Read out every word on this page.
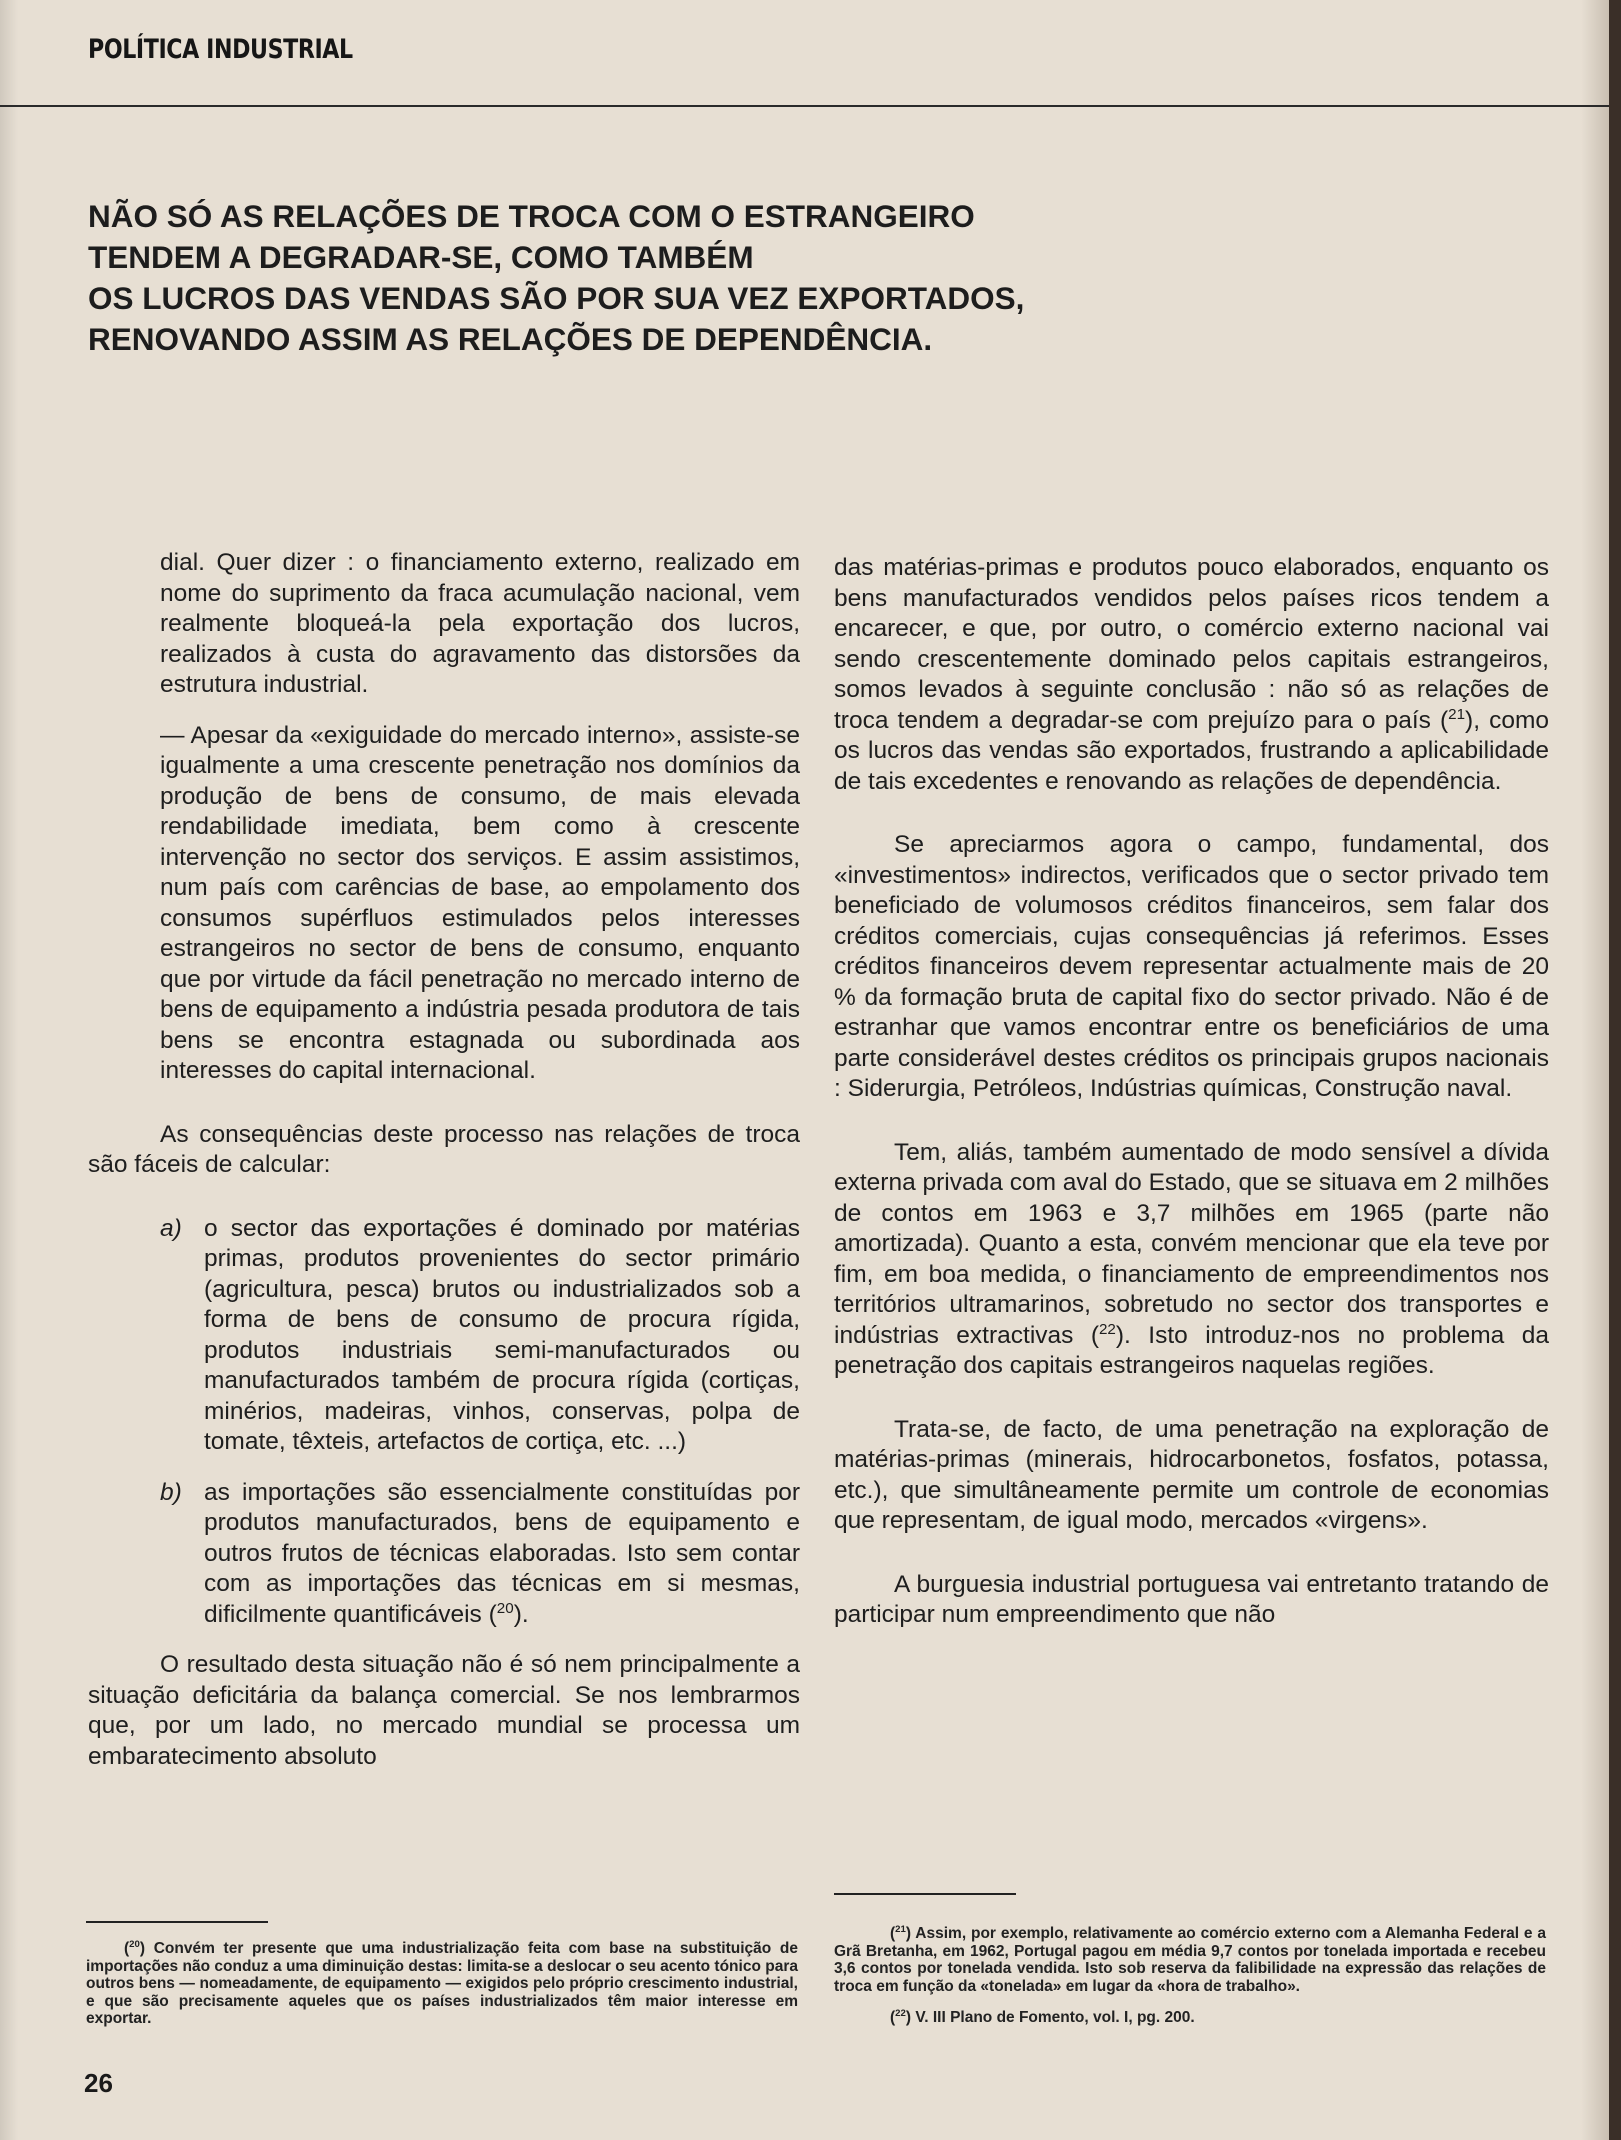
POLÍTICA INDUSTRIAL
NÃO SÓ AS RELAÇÕES DE TROCA COM O ESTRANGEIRO
TENDEM A DEGRADAR-SE, COMO TAMBÉM
OS LUCROS DAS VENDAS SÃO POR SUA VEZ EXPORTADOS,
RENOVANDO ASSIM AS RELAÇÕES DE DEPENDÊNCIA.

dial. Quer dizer : o financiamento externo, realizado em nome do suprimento da fraca acumulação nacional, vem realmente bloqueá-la pela exportação dos lucros, realizados à custa do agravamento das distorsões da estrutura industrial.

— Apesar da «exiguidade do mercado interno», assiste-se igualmente a uma crescente penetração nos domínios da produção de bens de consumo, de mais elevada rendabilidade imediata, bem como à crescente intervenção no sector dos serviços. E assim assistimos, num país com carências de base, ao empolamento dos consumos supérfluos estimulados pelos interesses estrangeiros no sector de bens de consumo, enquanto que por virtude da fácil penetração no mercado interno de bens de equipamento a indústria pesada produtora de tais bens se encontra estagnada ou subordinada aos interesses do capital internacional.

As consequências deste processo nas relações de troca são fáceis de calcular:

a) o sector das exportações é dominado por matérias primas, produtos provenientes do sector primário (agricultura, pesca) brutos ou industrializados sob a forma de bens de consumo de procura rígida, produtos industriais semi-manufacturados ou manufacturados também de procura rígida (cortiças, minérios, madeiras, vinhos, conservas, polpa de tomate, têxteis, artefactos de cortiça, etc. ...)
b) as importações são essencialmente constituídas por produtos manufacturados, bens de equipamento e outros frutos de técnicas elaboradas. Isto sem contar com as importações das técnicas em si mesmas, dificilmente quantificáveis ($^{20}$).

O resultado desta situação não é só nem principalmente a situação deficitária da balança comercial. Se nos lembrarmos que, por um lado, no mercado mundial se processa um embaratecimento absoluto

das matérias-primas e produtos pouco elaborados, enquanto os bens manufacturados vendidos pelos países ricos tendem a encarecer, e que, por outro, o comércio externo nacional vai sendo crescentemente dominado pelos capitais estrangeiros, somos levados à seguinte conclusão : não só as relações de troca tendem a degradar-se com prejuízo para o país ($^{21}$), como os lucros das vendas são exportados, frustrando a aplicabilidade de tais excedentes e renovando as relações de dependência.

Se apreciarmos agora o campo, fundamental, dos «investimentos» indirectos, verificados que o sector privado tem beneficiado de volumosos créditos financeiros, sem falar dos créditos comerciais, cujas consequências já referimos. Esses créditos financeiros devem representar actualmente mais de 20 % da formação bruta de capital fixo do sector privado. Não é de estranhar que vamos encontrar entre os beneficiários de uma parte considerável destes créditos os principais grupos nacionais : Siderurgia, Petróleos, Indústrias químicas, Construção naval.

Tem, aliás, também aumentado de modo sensível a dívida externa privada com aval do Estado, que se situava em 2 milhões de contos em 1963 e 3,7 milhões em 1965 (parte não amortizada). Quanto a esta, convém mencionar que ela teve por fim, em boa medida, o financiamento de empreendimentos nos territórios ultramarinos, sobretudo no sector dos transportes e indústrias extractivas ($^{22}$). Isto introduz-nos no problema da penetração dos capitais estrangeiros naquelas regiões.

Trata-se, de facto, de uma penetração na exploração de matérias-primas (minerais, hidrocarbonetos, fosfatos, potassa, etc.), que simultâneamente permite um controle de economias que representam, de igual modo, mercados «virgens».

A burguesia industrial portuguesa vai entretanto tratando de participar num empreendimento que não

($^{20}$) Convém ter presente que uma industrialização feita com base na substituição de importações não conduz a uma diminuição destas: limita-se a deslocar o seu acento tónico para outros bens — nomeadamente, de equipamento — exigidos pelo próprio crescimento industrial, e que são precisamente aqueles que os países industrializados têm maior interesse em exportar.

($^{21}$) Assim, por exemplo, relativamente ao comércio externo com a Alemanha Federal e a Grã Bretanha, em 1962, Portugal pagou em média 9,7 contos por tonelada importada e recebeu 3,6 contos por tonelada vendida. Isto sob reserva da falibilidade na expressão das relações de troca em função da «tonelada» em lugar da «hora de trabalho».

($^{22}$) V. III Plano de Fomento, vol. I, pg. 200.

26
